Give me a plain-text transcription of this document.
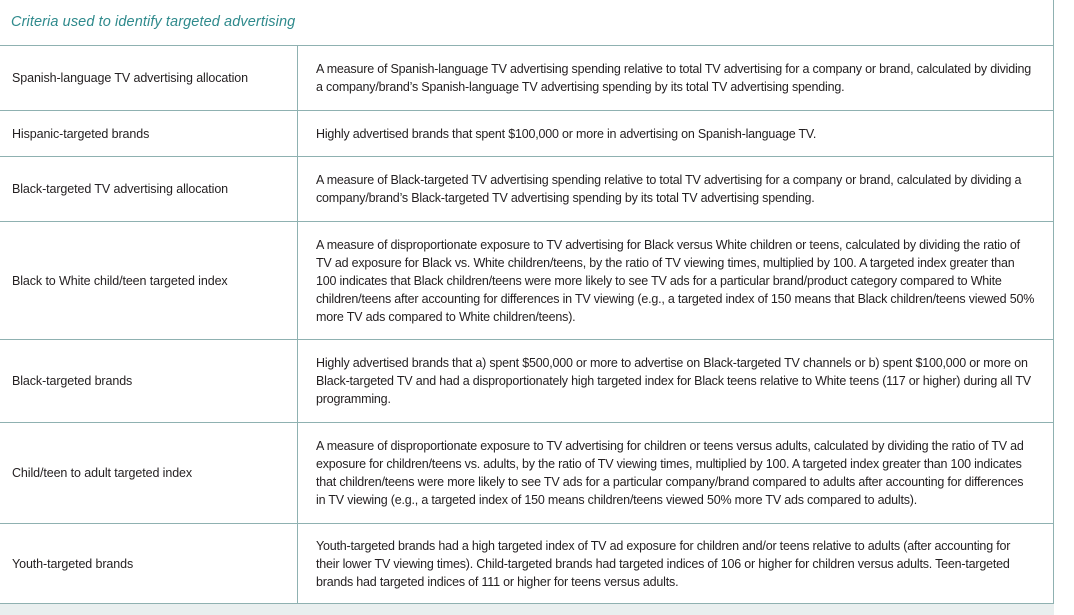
Criteria used to identify targeted advertising
Spanish-language TV advertising allocation
A measure of Spanish-language TV advertising spending relative to total TV advertising for a company or brand, calculated by dividing a company/brand’s Spanish-language TV advertising spending by its total TV advertising spending.
Hispanic-targeted brands	Highly advertised brands that spent $100,000 or more in advertising on Spanish-language TV.
Black-targeted TV advertising allocation
A measure of Black-targeted TV advertising spending relative to total TV advertising for a company or brand, calculated by dividing a company/brand’s Black-targeted TV advertising spending by its total TV advertising spending.
Black to White child/teen targeted index
A measure of disproportionate exposure to TV advertising for Black versus White children or teens, calculated by dividing the ratio of TV ad exposure for Black vs. White children/teens, by the ratio of TV viewing times, multiplied by 100. A targeted index greater than 100 indicates that Black children/teens were more likely to see TV ads for a particular brand/product category compared to White children/teens after accounting for differences in TV viewing (e.g., a targeted index of 150 means that Black children/teens viewed 50% more TV ads compared to White children/teens).
Black-targeted brands
Highly advertised brands that a) spent $500,000 or more to advertise on Black-targeted TV channels or b) spent $100,000 or more on Black-targeted TV and had a disproportionately high targeted index for Black teens relative to White teens (117 or higher) during all TV programming.
Child/teen to adult targeted index
A measure of disproportionate exposure to TV advertising for children or teens versus adults, calculated by dividing the ratio of TV ad exposure for children/teens vs. adults, by the ratio of TV viewing times, multiplied by 100. A targeted index greater than 100 indicates that children/teens were more likely to see TV ads for a particular company/brand compared to adults after accounting for differences in TV viewing (e.g., a targeted index of 150 means children/teens viewed 50% more TV ads compared to adults).
Youth-targeted brands
Youth-targeted brands had a high targeted index of TV ad exposure for children and/or teens relative to adults (after accounting for their lower TV viewing times). Child-targeted brands had targeted indices of 106 or higher for children versus adults. Teen-targeted brands had targeted indices of 111 or higher for teens versus adults.
